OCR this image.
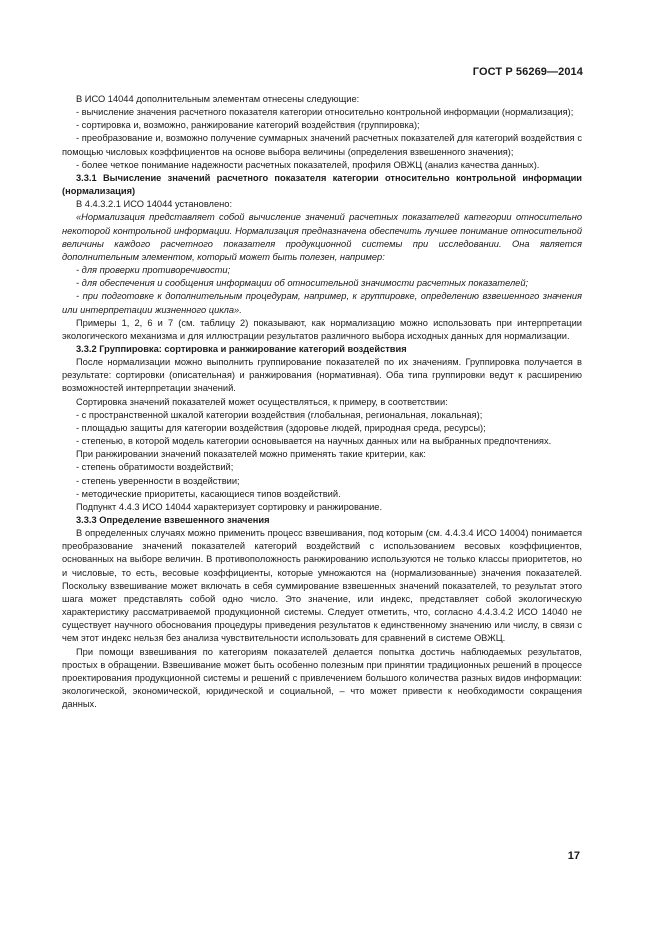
ГОСТ Р 56269—2014

В ИСО 14044 дополнительным элементам отнесены следующие:

- вычисление значения расчетного показателя категории относительно контрольной информации (нормализация);

- сортировка и, возможно, ранжирование категорий воздействия (группировка);

- преобразование и, возможно получение суммарных значений расчетных показателей для категорий воздействия с помощью числовых коэффициентов на основе выбора величины (определения взвешенного значения);

- более четкое понимание надежности расчетных показателей, профиля ОВЖЦ (анализ качества данных).

3.3.1 Вычисление значений расчетного показателя категории относительно контрольной информации (нормализация)

В 4.4.3.2.1 ИСО 14044 установлено:

«Нормализация представляет собой вычисление значений расчетных показателей категории относительно некоторой контрольной информации. Нормализация предназначена обеспечить лучшее понимание относительной величины каждого расчетного показателя продукционной системы при исследовании. Она является дополнительным элементом, который может быть полезен, например:

- для проверки противоречивости;

- для обеспечения и сообщения информации об относительной значимости расчетных показателей;

- при подготовке к дополнительным процедурам, например, к группировке, определению взвешенного значения или интерпретации жизненного цикла».

Примеры 1, 2, 6 и 7 (см. таблицу 2) показывают, как нормализацию можно использовать при интерпретации экологического механизма и для иллюстрации результатов различного выбора исходных данных для нормализации.

3.3.2 Группировка: сортировка и ранжирование категорий воздействия

После нормализации можно выполнить группирование показателей по их значениям. Группировка получается в результате: сортировки (описательная) и ранжирования (нормативная). Оба типа группировки ведут к расширению возможностей интерпретации значений.

Сортировка значений показателей может осуществляться, к примеру, в соответствии:

- с пространственной шкалой категории воздействия (глобальная, региональная, локальная);

- площадью защиты для категории воздействия (здоровье людей, природная среда, ресурсы);

- степенью, в которой модель категории основывается на научных данных или на выбранных предпочтениях.

При ранжировании значений показателей можно применять такие критерии, как:

- степень обратимости воздействий;

- степень уверенности в воздействии;

- методические приоритеты, касающиеся типов воздействий.

Подпункт 4.4.3 ИСО 14044 характеризует сортировку и ранжирование.

3.3.3 Определение взвешенного значения

В определенных случаях можно применить процесс взвешивания, под которым (см. 4.4.3.4 ИСО 14004) понимается преобразование значений показателей категорий воздействий с использованием весовых коэффициентов, основанных на выборе величин. В противоположность ранжированию используются не только классы приоритетов, но и числовые, то есть, весовые коэффициенты, которые умножаются на (нормализованные) значения показателей. Поскольку взвешивание может включать в себя суммирование взвешенных значений показателей, то результат этого шага может представлять собой одно число. Это значение, или индекс, представляет собой экологическую характеристику рассматриваемой продукционной системы. Следует отметить, что, согласно 4.4.3.4.2 ИСО 14040 не существует научного обоснования процедуры приведения результатов к единственному значению или числу, в связи с чем этот индекс нельзя без анализа чувствительности использовать для сравнений в системе ОВЖЦ.

При помощи взвешивания по категориям показателей делается попытка достичь наблюдаемых результатов, простых в обращении. Взвешивание может быть особенно полезным при принятии традиционных решений в процессе проектирования продукционной системы и решений с привлечением большого количества разных видов информации: экологической, экономической, юридической и социальной, – что может привести к необходимости сокращения данных.

17
